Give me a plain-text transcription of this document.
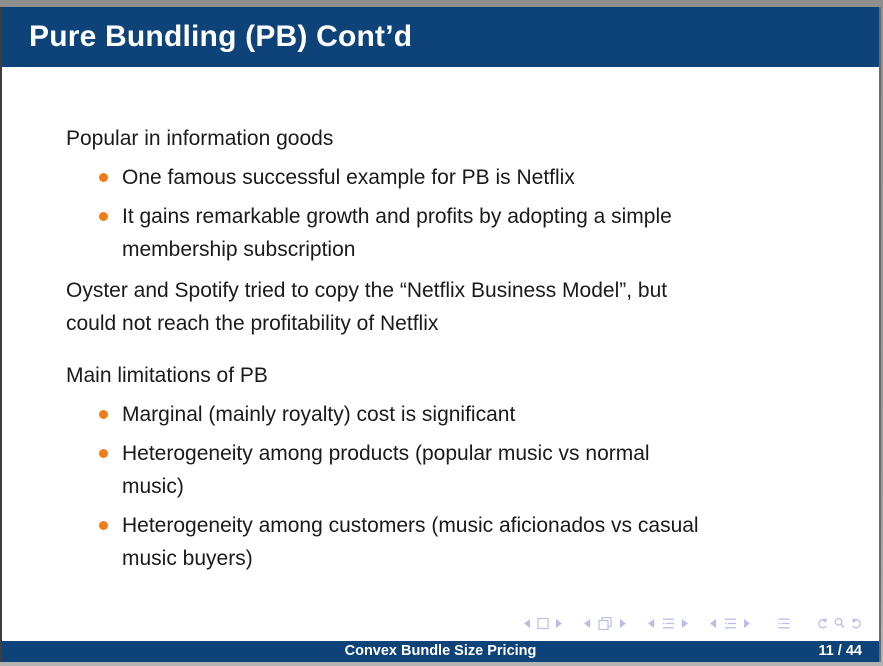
Pure Bundling (PB) Cont’d
Popular in information goods
One famous successful example for PB is Netflix
It gains remarkable growth and profits by adopting a simple
membership subscription
Oyster and Spotify tried to copy the “Netflix Business Model”, but
could not reach the profitability of Netflix
Main limitations of PB
Marginal (mainly royalty) cost is significant
Heterogeneity among products (popular music vs normal
music)
Heterogeneity among customers (music aficionados vs casual
music buyers)
Convex Bundle Size Pricing	11 / 44
